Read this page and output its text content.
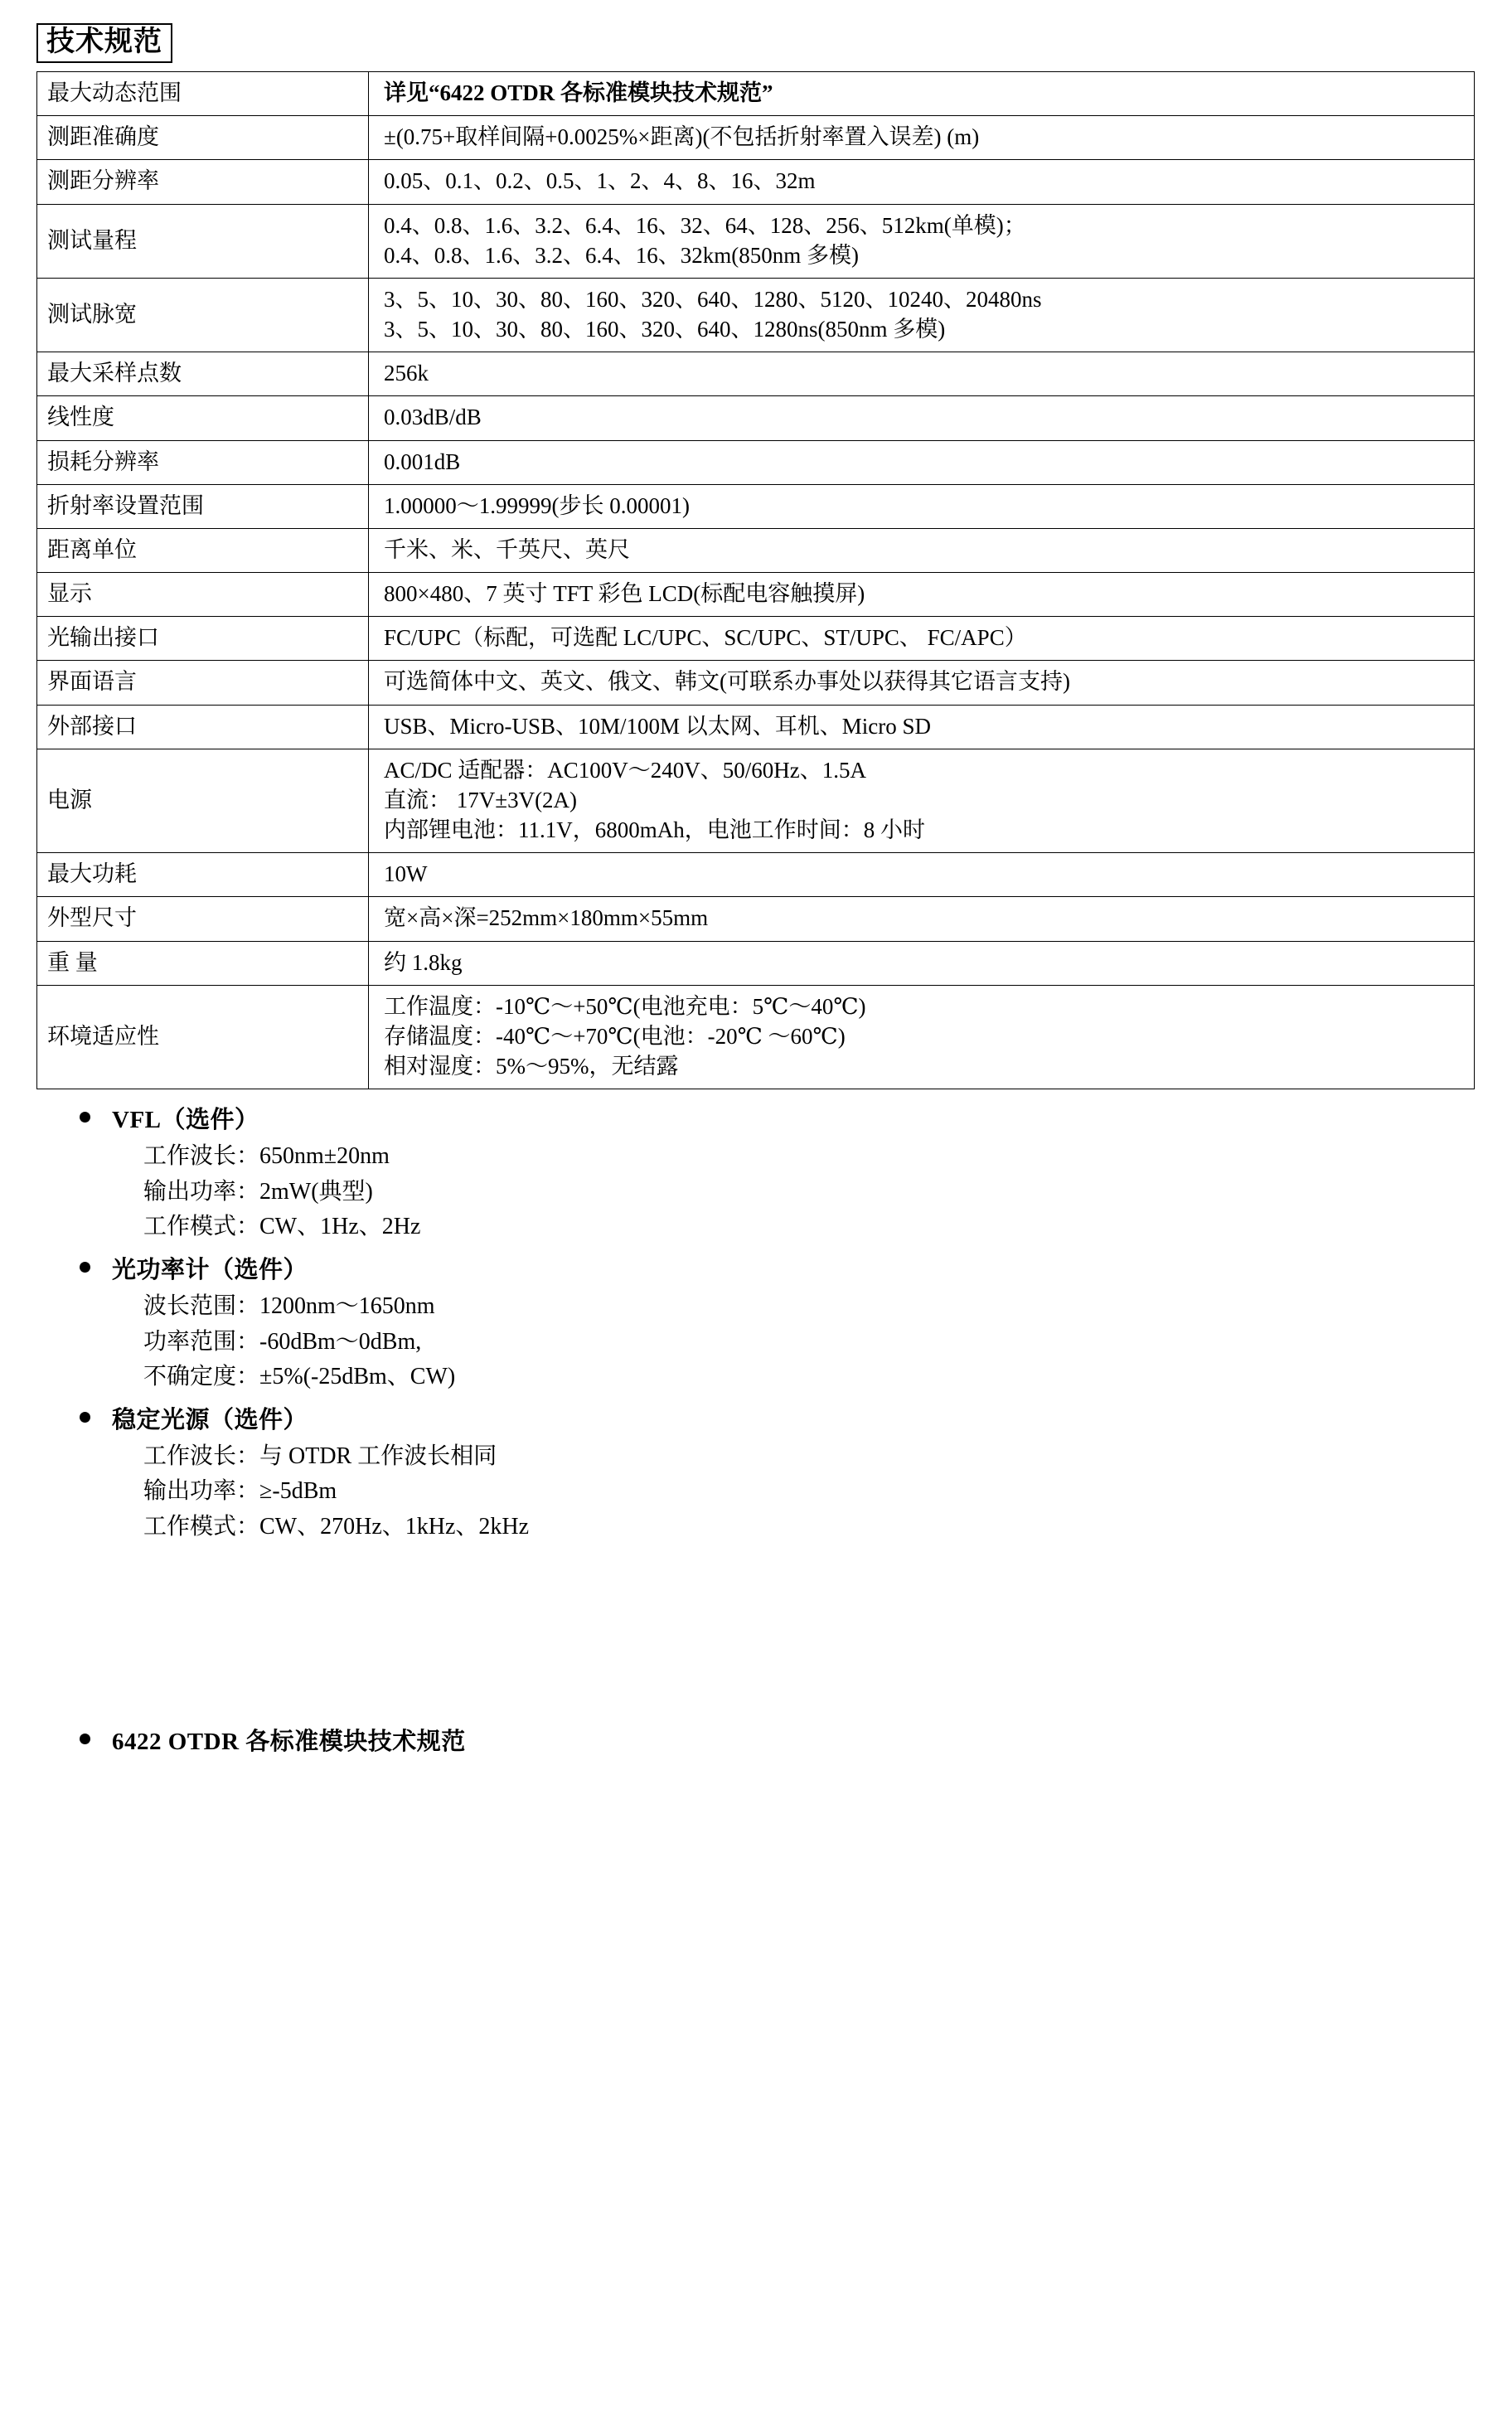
技术规范
最大动态范围	详见“6422 OTDR 各标准模块技术规范”

测距准确度	±(0.75+取样间隔+0.0025%×距离)(不包括折射率置入误差) (m)

测距分辨率	0.05、0.1、0.2、0.5、1、2、4、8、16、32m

测试量程	0.4、0.8、1.6、3.2、6.4、16、32、64、128、256、512km(单模)；
0.4、0.8、1.6、3.2、6.4、16、32km(850nm 多模)

测试脉宽	3、5、10、30、80、160、320、640、1280、5120、10240、20480ns
3、5、10、30、80、160、320、640、1280ns(850nm 多模)

最大采样点数	256k

线性度	0.03dB/dB

损耗分辨率	0.001dB

折射率设置范围	1.00000～1.99999(步长 0.00001)

距离单位	千米、米、千英尺、英尺

显示	800×480、7 英寸 TFT 彩色 LCD(标配电容触摸屏)

光输出接口	FC/UPC（标配，可选配 LC/UPC、SC/UPC、ST/UPC、 FC/APC）

界面语言	可选简体中文、英文、俄文、韩文(可联系办事处以获得其它语言支持)

外部接口	USB、Micro-USB、10M/100M 以太网、耳机、Micro SD

电源	AC/DC 适配器：AC100V～240V、50/60Hz、1.5A
直流： 17V±3V(2A)
内部锂电池：11.1V，6800mAh，电池工作时间：8 小时

最大功耗	10W

外型尺寸	宽×高×深=252mm×180mm×55mm

重 量	约 1.8kg

环境适应性	工作温度：-10℃～+50℃(电池充电：5℃～40℃)
存储温度：-40℃～+70℃(电池：-20℃ ～60℃)
相对湿度：5%～95%，无结露
VFL（选件）
工作波长：650nm±20nm
输出功率：2mW(典型)
工作模式：CW、1Hz、2Hz
光功率计（选件）
波长范围：1200nm～1650nm
功率范围：-60dBm～0dBm,
不确定度：±5%(-25dBm、CW)
稳定光源（选件）
工作波长：与 OTDR 工作波长相同
输出功率：≥-5dBm
工作模式：CW、270Hz、1kHz、2kHz
6422 OTDR 各标准模块技术规范
